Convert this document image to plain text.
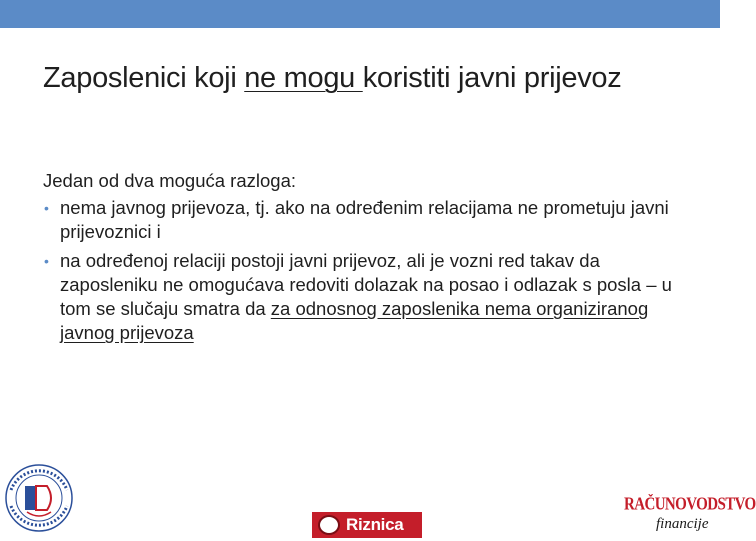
Zaposlenici koji ne mogu koristiti javni prijevoz

Jedan od dva moguća razloga:

• nema javnog prijevoza, tj. ako na određenim relacijama ne prometuju javni prijevoznici i

• na određenoj relaciji postoji javni prijevoz, ali je vozni red takav da zaposleniku ne omogućava redoviti dolazak na posao i odlazak s posla – u tom se slučaju smatra da za odnosnog zaposlenika nema organiziranog javnog prijevoza

Riznica
RAČUNOVODSTVO
financije
